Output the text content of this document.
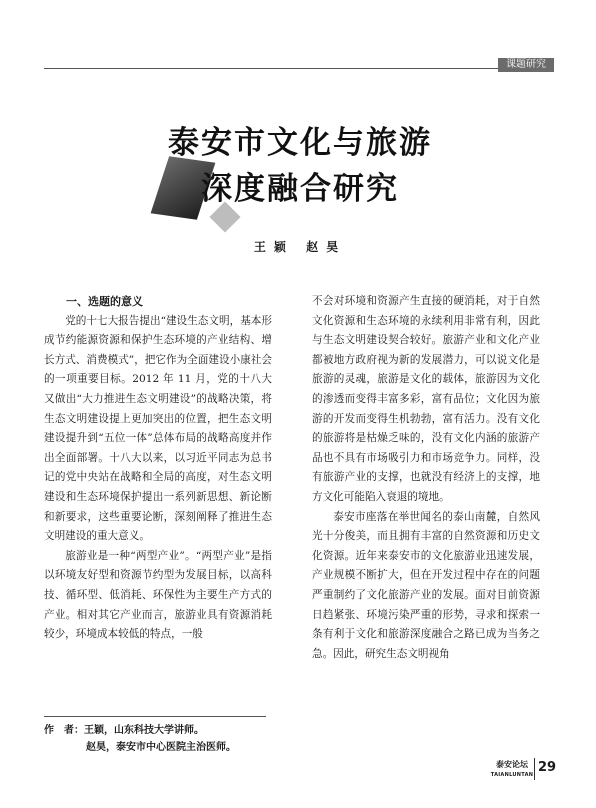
课题研究
泰安市文化与旅游
深度融合研究
王颖 赵昊
一、选题的意义

党的十七大报告提出“建设生态文明，基本形成节约能源资源和保护生态环境的产业结构、增长方式、消费模式”，把它作为全面建设小康社会的一项重要目标。2012 年 11 月，党的十八大又做出“大力推进生态文明建设”的战略决策，将生态文明建设提上更加突出的位置，把生态文明建设提升到“五位一体”总体布局的战略高度并作出全面部署。十八大以来，以习近平同志为总书记的党中央站在战略和全局的高度，对生态文明建设和生态环境保护提出一系列新思想、新论断和新要求，这些重要论断，深刻阐释了推进生态文明建设的重大意义。

旅游业是一种“两型产业”。“两型产业”是指以环境友好型和资源节约型为发展目标，以高科技、循环型、低消耗、环保性为主要生产方式的产业。相对其它产业而言，旅游业具有资源消耗较少，环境成本较低的特点，一般

不会对环境和资源产生直接的硬消耗，对于自然文化资源和生态环境的永续利用非常有利，因此与生态文明建设契合较好。旅游产业和文化产业都被地方政府视为新的发展潜力，可以说文化是旅游的灵魂，旅游是文化的载体，旅游因为文化的渗透而变得丰富多彩，富有品位；文化因为旅游的开发而变得生机勃勃，富有活力。没有文化的旅游将是枯燥乏味的，没有文化内涵的旅游产品也不具有市场吸引力和市场竞争力。同样，没有旅游产业的支撑，也就没有经济上的支撑，地方文化可能陷入衰退的境地。

泰安市座落在举世闻名的泰山南麓，自然风光十分俊美，而且拥有丰富的自然资源和历史文化资源。近年来泰安市的文化旅游业迅速发展，产业规模不断扩大，但在开发过程中存在的问题严重制约了文化旅游产业的发展。面对目前资源日趋紧张、环境污染严重的形势，寻求和探索一条有利于文化和旅游深度融合之路已成为当务之急。因此，研究生态文明视角

作　者：王颖，山东科技大学讲师。
赵昊，泰安市中心医院主治医师。
泰安论坛
TAIANLUNTAN 29
